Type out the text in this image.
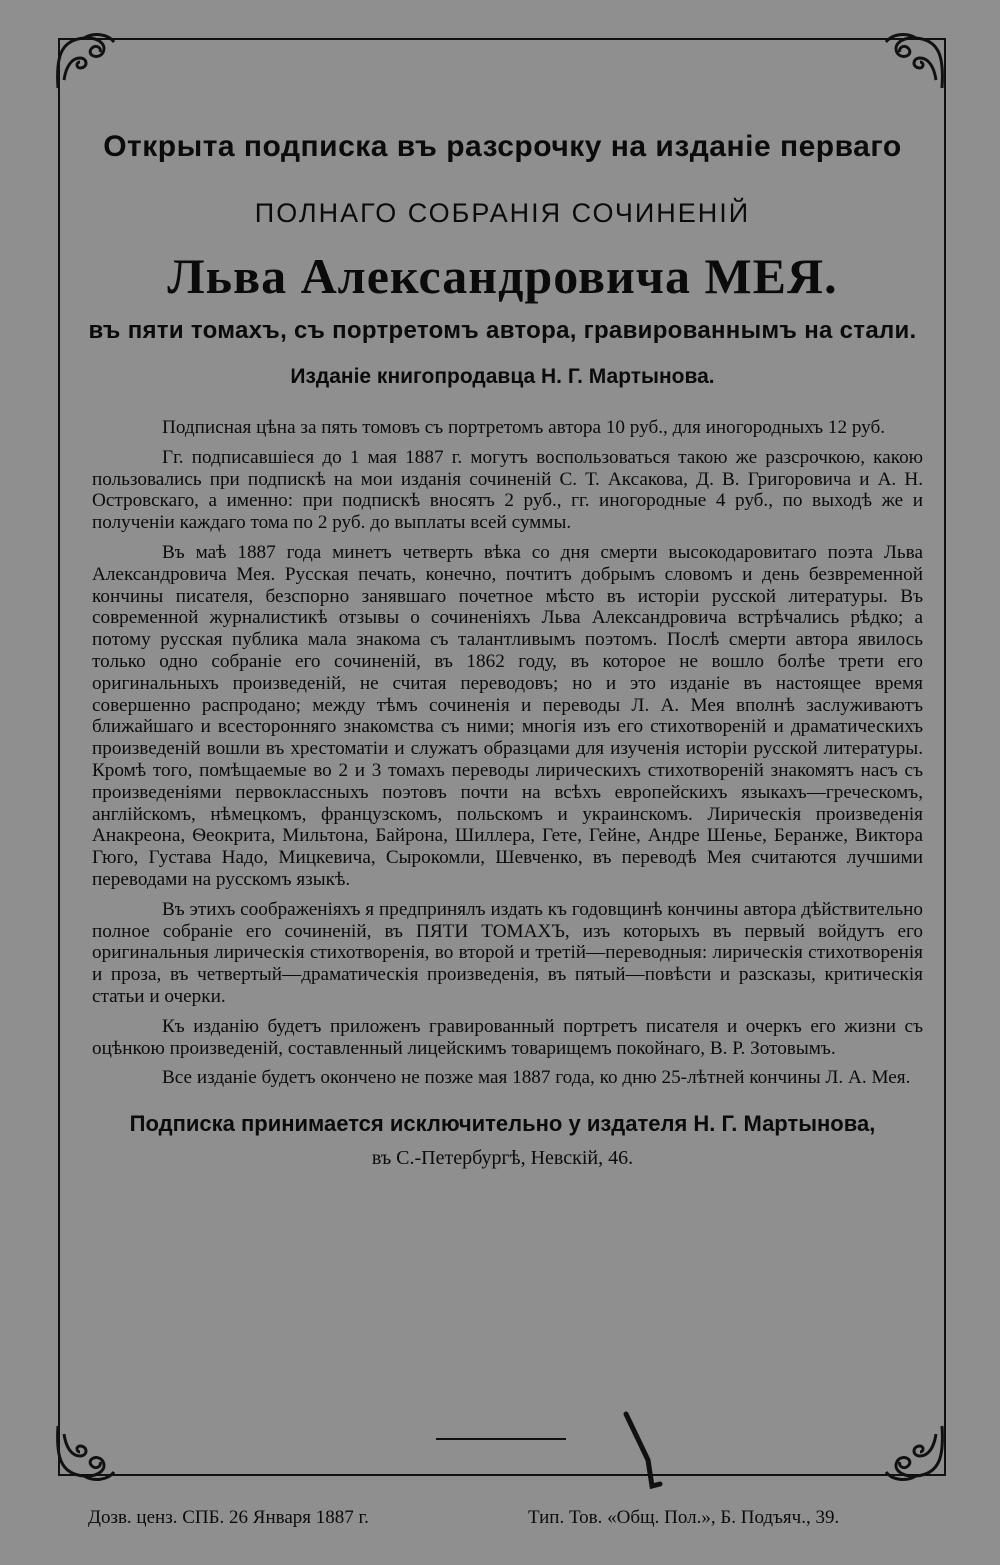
Открыта подписка въ разсрочку на изданіе перваго
ПОЛНАГО СОБРАНІЯ СОЧИНЕНІЙ
Льва Александровича МЕЯ.
въ пяти томахъ, съ портретомъ автора, гравированнымъ на стали.
Изданіе книгопродавца Н. Г. Мартынова.

Подписная цѣна за пять томовъ съ портретомъ автора 10 руб., для иногородныхъ 12 руб.

Гг. подписавшіеся до 1 мая 1887 г. могутъ воспользоваться такою же разсрочкою, какою пользовались при подпискѣ на мои изданія сочиненій С. Т. Аксакова, Д. В. Григоровича и А. Н. Островскаго, а именно: при подпискѣ вносятъ 2 руб., гг. иногородные 4 руб., по выходѣ же и полученіи каждаго тома по 2 руб. до выплаты всей суммы.

Въ маѣ 1887 года минетъ четверть вѣка со дня смерти высокодаровитаго поэта Льва Александровича Мея. Русская печать, конечно, почтитъ добрымъ словомъ и день безвременной кончины писателя, безспорно занявшаго почетное мѣсто въ исторіи русской литературы. Въ современной журналистикѣ отзывы о сочиненіяхъ Льва Александровича встрѣчались рѣдко; а потому русская публика мала знакома съ талантливымъ поэтомъ. Послѣ смерти автора явилось только одно собраніе его сочиненій, въ 1862 году, въ которое не вошло болѣе трети его оригинальныхъ произведеній, не считая переводовъ; но и это изданіе въ настоящее время совершенно распродано; между тѣмъ сочиненія и переводы Л. А. Мея вполнѣ заслуживаютъ ближайшаго и всесторонняго знакомства съ ними; многія изъ его стихотвореній и драматическихъ произведеній вошли въ хрестоматіи и служатъ образцами для изученія исторіи русской литературы. Кромѣ того, помѣщаемые во 2 и 3 томахъ переводы лирическихъ стихотвореній знакомятъ насъ съ произведеніями первоклассныхъ поэтовъ почти на всѣхъ европейскихъ языкахъ—греческомъ, англійскомъ, нѣмецкомъ, французскомъ, польскомъ и украинскомъ. Лирическія произведенія Анакреона, Ѳеокрита, Мильтона, Байрона, Шиллера, Гете, Гейне, Андре Шенье, Беранже, Виктора Гюго, Густава Надо, Мицкевича, Сырокомли, Шевченко, въ переводѣ Мея считаются лучшими переводами на русскомъ языкѣ.

Въ этихъ соображеніяхъ я предпринялъ издать къ годовщинѣ кончины автора дѣйствительно полное собраніе его сочиненій, въ ПЯТИ ТОМАХЪ, изъ которыхъ въ первый войдутъ его оригинальныя лирическія стихотворенія, во второй и третій—переводныя: лирическія стихотворенія и проза, въ четвертый—драматическія произведенія, въ пятый—повѣсти и разсказы, критическія статьи и очерки.

Къ изданію будетъ приложенъ гравированный портретъ писателя и очеркъ его жизни съ оцѣнкою произведеній, составленный лицейскимъ товарищемъ покойнаго, В. Р. Зотовымъ.

Все изданіе будетъ окончено не позже мая 1887 года, ко дню 25-лѣтней кончины Л. А. Мея.

Подписка принимается исключительно у издателя Н. Г. Мартынова,
въ С.-Петербургѣ, Невскій, 46.
Дозв. ценз. СПБ. 26 Января 1887 г.	Тип. Тов. «Общ. Пол.», Б. Подъяч., 39.
